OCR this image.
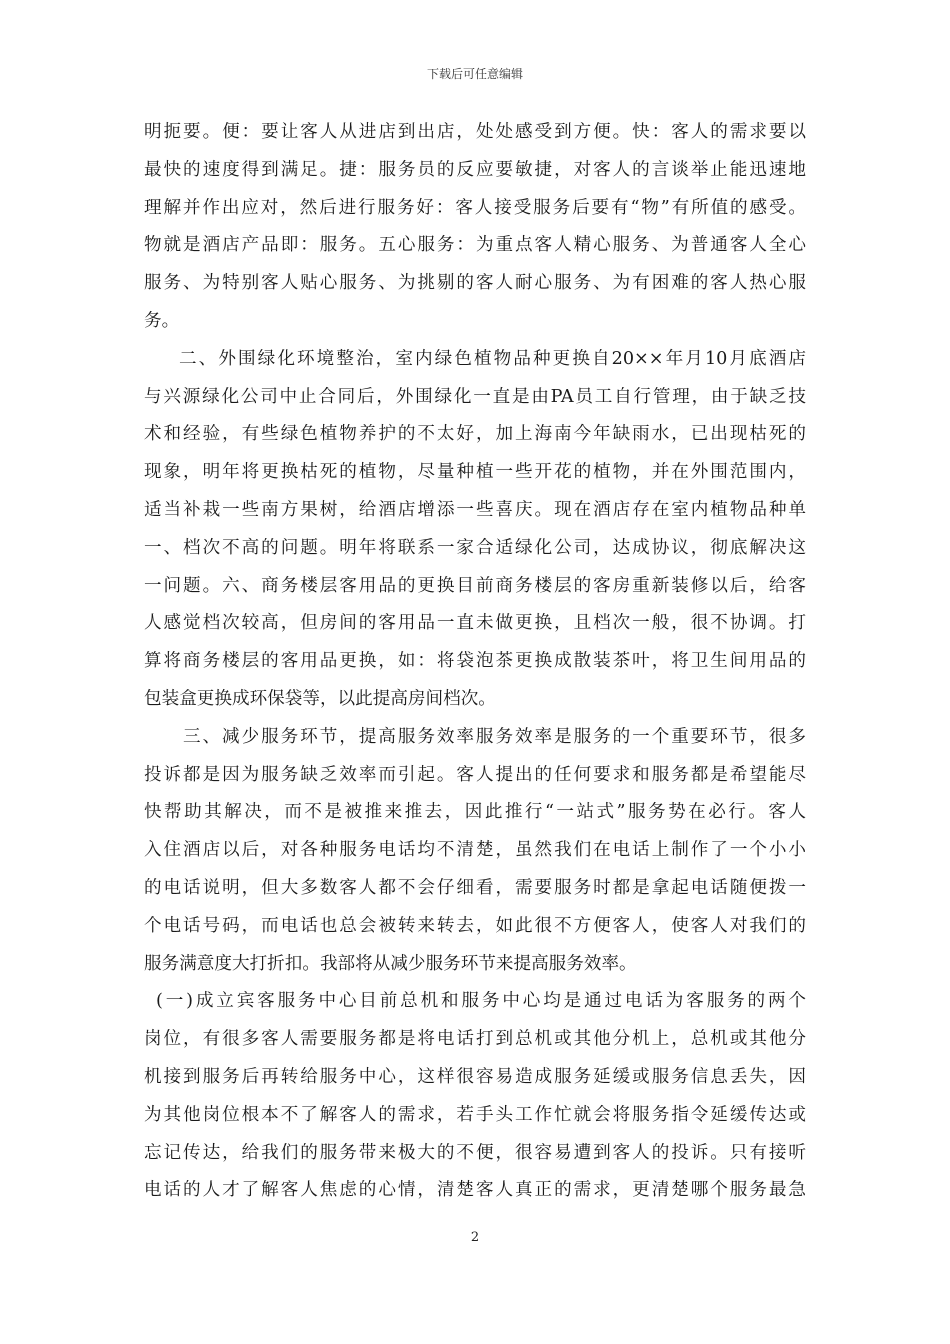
下载后可任意编辑
明扼要。便：要让客人从进店到出店，处处感受到方便。快：客人的需求要以
最快的速度得到满足。捷：服务员的反应要敏捷，对客人的言谈举止能迅速地
理解并作出应对，然后进行服务好：客人接受服务后要有“物”有所值的感受。
物就是酒店产品即：服务。五心服务：为重点客人精心服务、为普通客人全心
服务、为特别客人贴心服务、为挑剔的客人耐心服务、为有困难的客人热心服
务。
二、外围绿化环境整治，室内绿色植物品种更换自20××年月10月底酒店
与兴源绿化公司中止合同后，外围绿化一直是由PA员工自行管理，由于缺乏技
术和经验，有些绿色植物养护的不太好，加上海南今年缺雨水，已出现枯死的
现象，明年将更换枯死的植物，尽量种植一些开花的植物，并在外围范围内，
适当补栽一些南方果树，给酒店增添一些喜庆。现在酒店存在室内植物品种单
一、档次不高的问题。明年将联系一家合适绿化公司，达成协议，彻底解决这
一问题。六、商务楼层客用品的更换目前商务楼层的客房重新装修以后，给客
人感觉档次较高，但房间的客用品一直未做更换，且档次一般，很不协调。打
算将商务楼层的客用品更换，如：将袋泡茶更换成散装茶叶，将卫生间用品的
包装盒更换成环保袋等，以此提高房间档次。
三、减少服务环节，提高服务效率服务效率是服务的一个重要环节，很多
投诉都是因为服务缺乏效率而引起。客人提出的任何要求和服务都是希望能尽
快帮助其解决，而不是被推来推去，因此推行“一站式”服务势在必行。客人
入住酒店以后，对各种服务电话均不清楚，虽然我们在电话上制作了一个小小
的电话说明，但大多数客人都不会仔细看，需要服务时都是拿起电话随便拨一
个电话号码，而电话也总会被转来转去，如此很不方便客人，使客人对我们的
服务满意度大打折扣。我部将从减少服务环节来提高服务效率。
(一)成立宾客服务中心目前总机和服务中心均是通过电话为客服务的两个
岗位，有很多客人需要服务都是将电话打到总机或其他分机上，总机或其他分
机接到服务后再转给服务中心，这样很容易造成服务延缓或服务信息丢失，因
为其他岗位根本不了解客人的需求，若手头工作忙就会将服务指令延缓传达或
忘记传达，给我们的服务带来极大的不便，很容易遭到客人的投诉。只有接听
电话的人才了解客人焦虑的心情，清楚客人真正的需求，更清楚哪个服务最急
2
